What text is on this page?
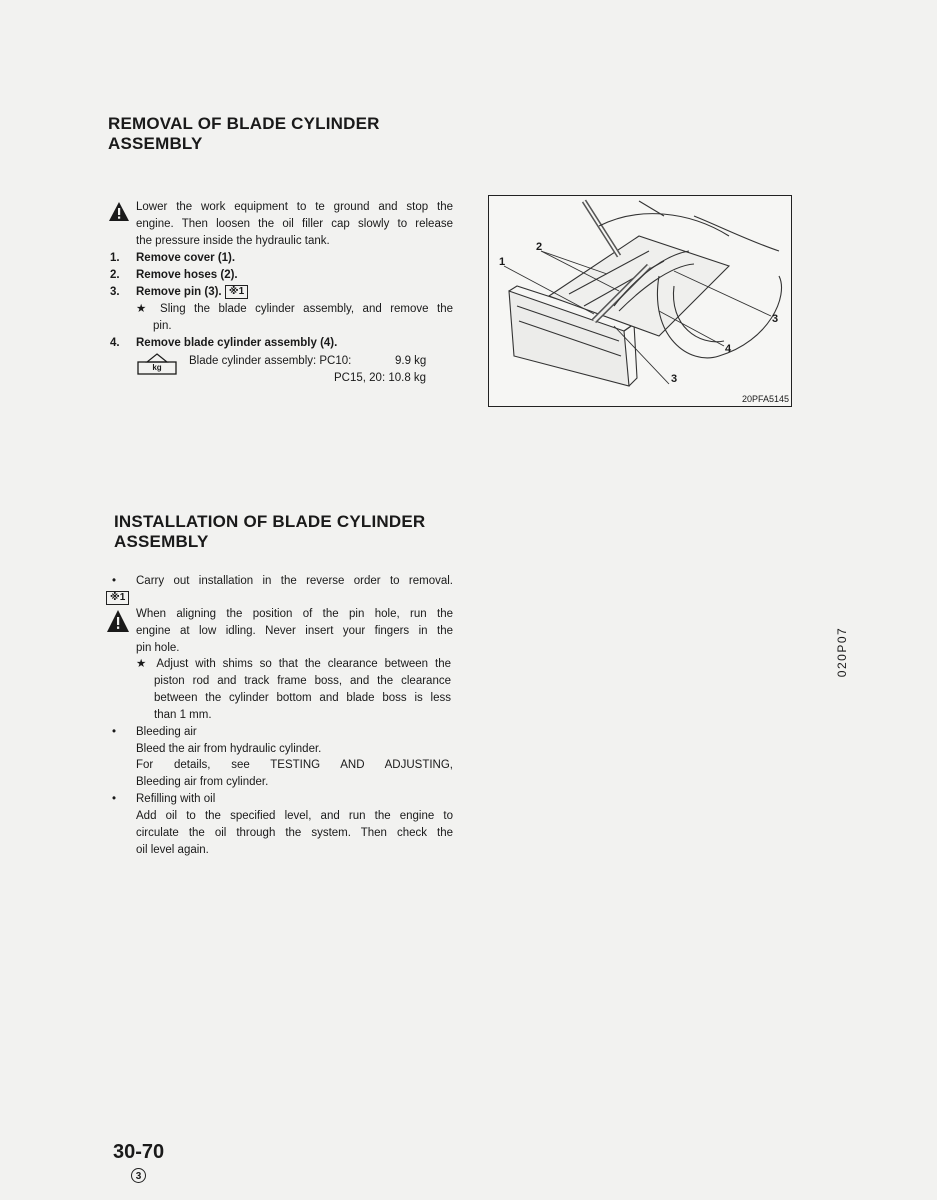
REMOVAL OF BLADE CYLINDER
ASSEMBLY
Lower the work equipment to te ground and stop the
engine. Then loosen the oil filler cap slowly to release
the pressure inside the hydraulic tank.
1. Remove cover (1).
2. Remove hoses (2).
3. Remove pin (3). ※1
★ Sling the blade cylinder assembly, and remove the
pin.
4. Remove blade cylinder assembly (4).
kg
Blade cylinder assembly: PC10:	9.9 kg
PC15, 20: 10.8 kg
1
2
3
3
4
20PFA5145
INSTALLATION OF BLADE CYLINDER
ASSEMBLY
• Carry out installation in the reverse order to removal.
※1
When aligning the position of the pin hole, run the
engine at low idling. Never insert your fingers in the
pin hole.
★ Adjust with shims so that the clearance between the
piston rod and track frame boss, and the clearance
between the cylinder bottom and blade boss is less
than 1 mm.
• Bleeding air
Bleed the air from hydraulic cylinder.
For details, see TESTING AND ADJUSTING,
Bleeding air from cylinder.
• Refilling with oil
Add oil to the specified level, and run the engine to
circulate the oil through the system. Then check the
oil level again.
020P07
30-70
3
